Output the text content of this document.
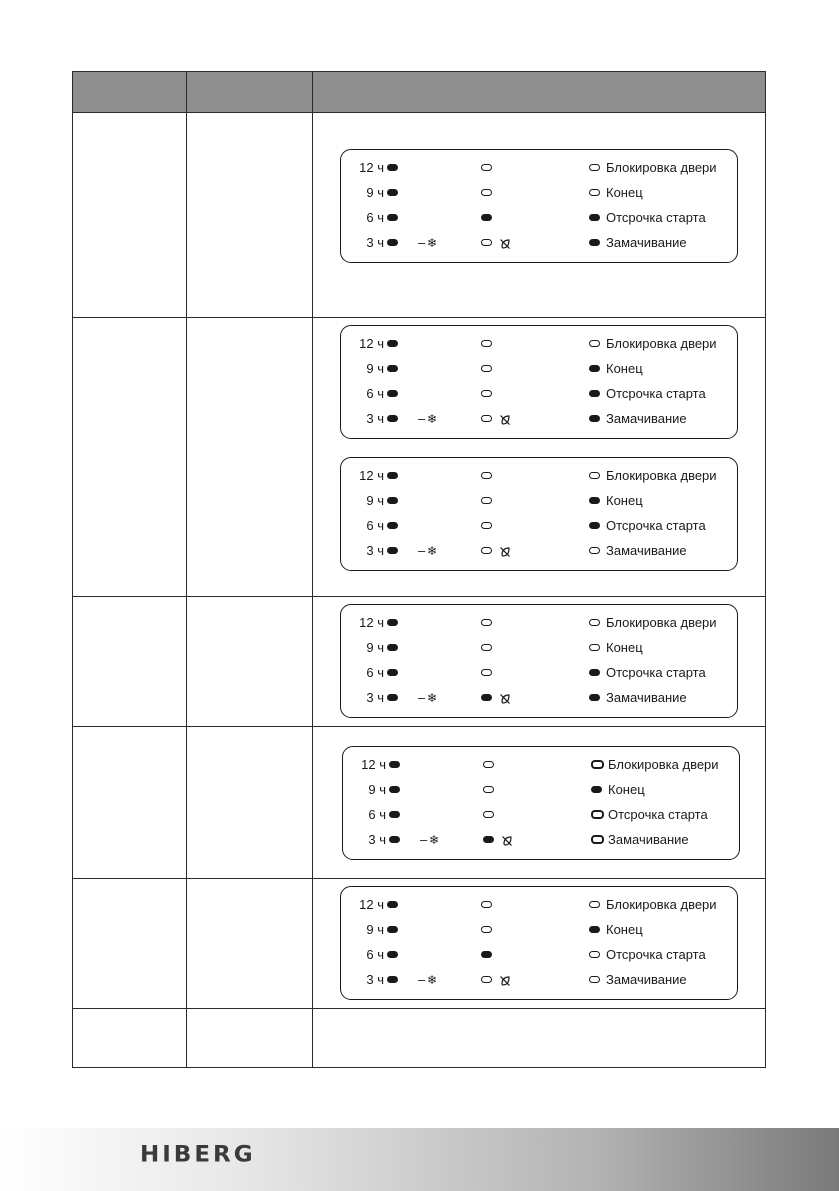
12 ч	Блокировка двери
9 ч	Конец
6 ч	Отсрочка старта
3 ч	– ❄	Замачивание
12 ч	Блокировка двери
9 ч	Конец
6 ч	Отсрочка старта
3 ч	– ❄	Замачивание
12 ч	Блокировка двери
9 ч	Конец
6 ч	Отсрочка старта
3 ч	– ❄	Замачивание
12 ч	Блокировка двери
9 ч	Конец
6 ч	Отсрочка старта
3 ч	– ❄	Замачивание
12 ч	Блокировка двери
9 ч	Конец
6 ч	Отсрочка старта
3 ч	– ❄	Замачивание
12 ч	Блокировка двери
9 ч	Конец
6 ч	Отсрочка старта
3 ч	– ❄	Замачивание
HIBERG
